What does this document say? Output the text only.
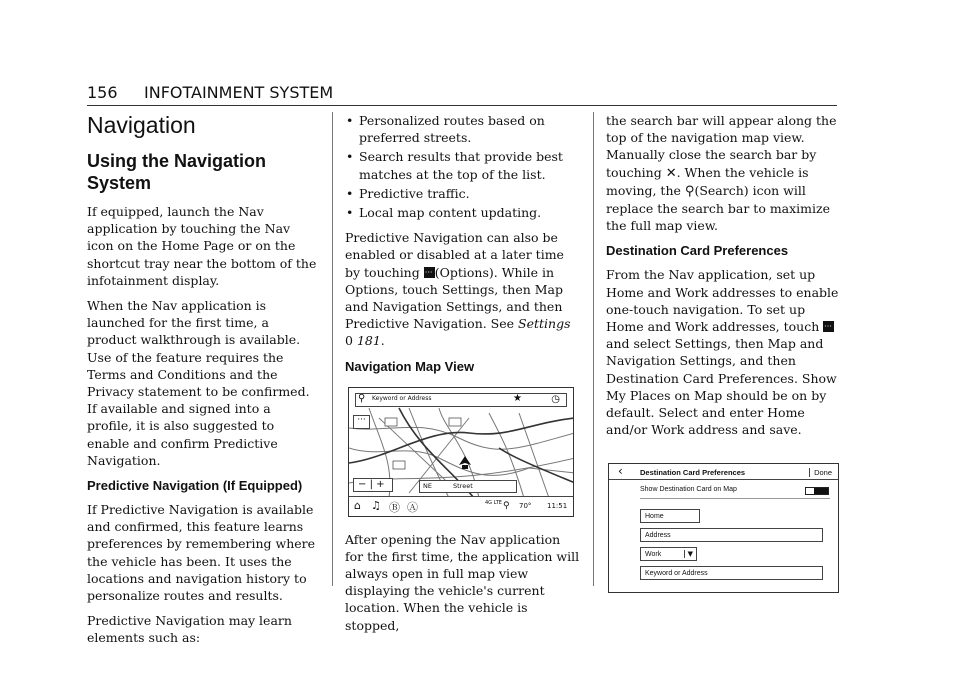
156 INFOTAINMENT SYSTEM
Navigation
Using the Navigation
System

If equipped, launch the Nav application by touching the Nav icon on the Home Page or on the shortcut tray near the bottom of the infotainment display.

When the Nav application is launched for the first time, a product walkthrough is available. Use of the feature requires the Terms and Conditions and the Privacy statement to be confirmed. If available and signed into a profile, it is also suggested to enable and confirm Predictive Navigation.

Predictive Navigation (If Equipped)

If Predictive Navigation is available and confirmed, this feature learns preferences by remembering where the vehicle has been. It uses the locations and navigation history to personalize routes and results.

Predictive Navigation may learn elements such as:

• Personalized routes based on preferred streets.
• Search results that provide best matches at the top of the list.
• Predictive traffic.
• Local map content updating.

Predictive Navigation can also be enabled or disabled at a later time by touching ··· (Options). While in Options, touch Settings, then Map and Navigation Settings, and then Predictive Navigation. See Settings
0 181.

Navigation Map View
⚲ Keyword or Address	★	◷
···
− | +	NE	Street
⌂ ♫ Ⓑ Ⓐ	4G LTE ⚲ 70° 11:51

After opening the Nav application for the first time, the application will always open in full map view displaying the vehicle's current location. When the vehicle is stopped,

the search bar will appear along the top of the navigation map view. Manually close the search bar by touching ✕. When the vehicle is moving, the ⚲(Search) icon will replace the search bar to maximize the full map view.

Destination Card Preferences

From the Nav application, set up Home and Work addresses to enable one-touch navigation. To set up Home and Work addresses, touch ··· and select Settings, then Map and Navigation Settings, and then Destination Card Preferences. Show My Places on Map should be on by default. Select and enter Home and/or Work address and save.

‹ Destination Card Preferences	Done
Show Destination Card on Map
Home
Address
Work	▼
Keyword or Address
